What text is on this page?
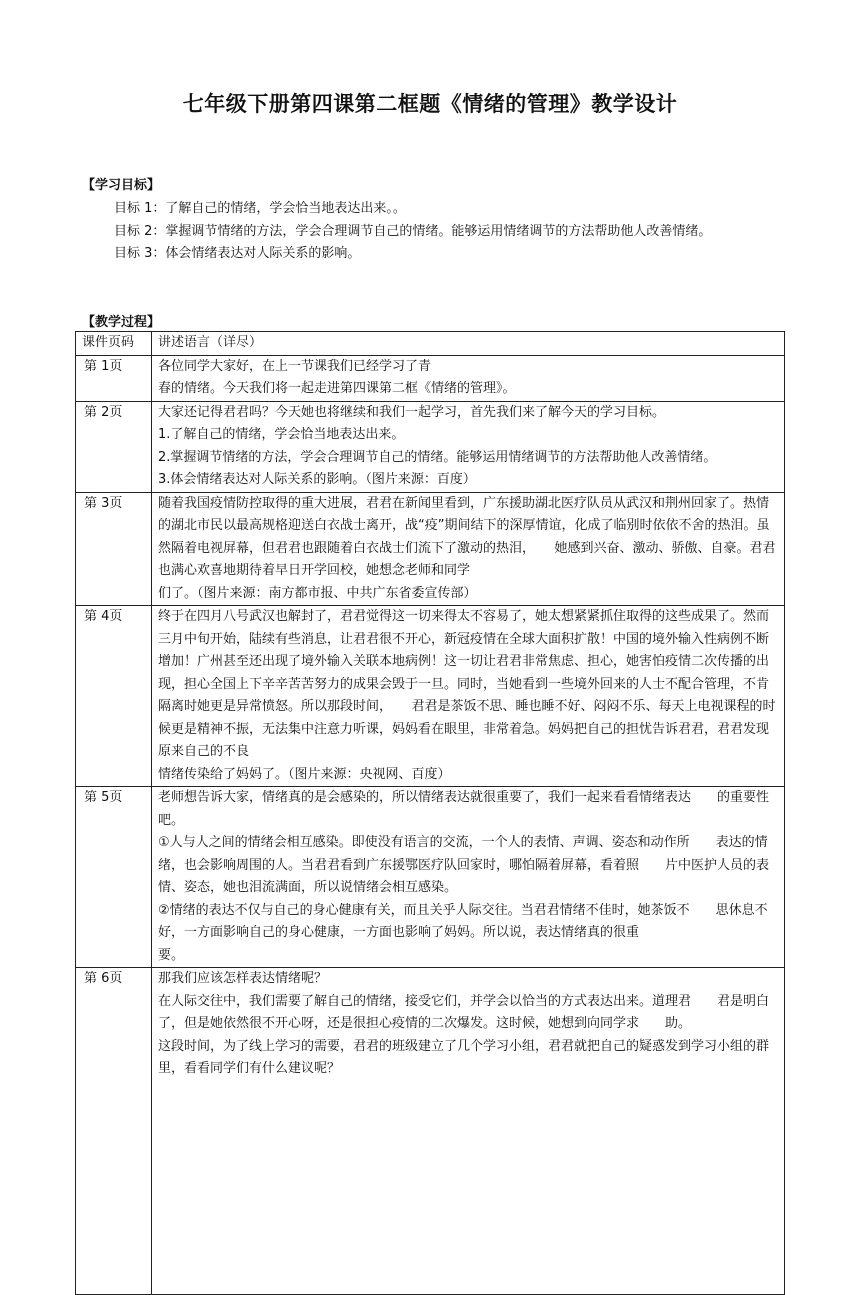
七年级下册第四课第二框题《情绪的管理》教学设计
【学习目标】

目标 1：了解自己的情绪，学会恰当地表达出来。。

目标 2：掌握调节情绪的方法，学会合理调节自己的情绪。能够运用情绪调节的方法帮助他人改善情绪。

目标 3：体会情绪表达对人际关系的影响。

【教学过程】
课件页码	讲述语言（详尽）
第 1页	各位同学大家好，在上一节课我们已经学习了青

春的情绪。今天我们将一起走进第四课第二框《情绪的管理》。

第 2页	大家还记得君君吗？今天她也将继续和我们一起学习，首先我们来了解今天的学习目标。

1.了解自己的情绪，学会恰当地表达出来。

2.掌握调节情绪的方法，学会合理调节自己的情绪。能够运用情绪调节的方法帮助他人改善情绪。

3.体会情绪表达对人际关系的影响。（图片来源：百度）

第 3页	随着我国疫情防控取得的重大进展，君君在新闻里看到，广东援助湖北医疗队员从武汉和荆州回家了。热情的湖北市民以最高规格迎送白衣战士离开，战“疫”期间结下的深厚情谊，化成了临别时依依不舍的热泪。虽然隔着电视屏幕，但君君也跟随着白衣战士们流下了激动的热泪，　　她感到兴奋、激动、骄傲、自豪。君君也满心欢喜地期待着早日开学回校，她想念老师和同学

们了。（图片来源：南方都市报、中共广东省委宣传部）

第 4页	终于在四月八号武汉也解封了，君君觉得这一切来得太不容易了，她太想紧紧抓住取得的这些成果了。然而三月中旬开始，陆续有些消息，让君君很不开心，新冠疫情在全球大面积扩散！中国的境外输入性病例不断增加！广州甚至还出现了境外输入关联本地病例！这一切让君君非常焦虑、担心，她害怕疫情二次传播的出现，担心全国上下辛辛苦苦努力的成果会毁于一旦。同时，当她看到一些境外回来的人士不配合管理，不肯隔离时她更是异常愤怒。所以那段时间，　　君君是茶饭不思、睡也睡不好、闷闷不乐、每天上电视课程的时候更是精神不振，无法集中注意力听课，妈妈看在眼里，非常着急。妈妈把自己的担忧告诉君君，君君发现原来自己的不良

情绪传染给了妈妈了。（图片来源：央视网、百度）

第 5页	老师想告诉大家，情绪真的是会感染的，所以情绪表达就很重要了，我们一起来看看情绪表达　　的重要性吧。

①人与人之间的情绪会相互感染。即使没有语言的交流，一个人的表情、声调、姿态和动作所　　表达的情绪，也会影响周围的人。当君君看到广东援鄂医疗队回家时，哪怕隔着屏幕，看着照　　片中医护人员的表情、姿态，她也泪流满面，所以说情绪会相互感染。

②情绪的表达不仅与自己的身心健康有关，而且关乎人际交往。当君君情绪不佳时，她茶饭不　　思休息不好，一方面影响自己的身心健康，一方面也影响了妈妈。所以说，表达情绪真的很重

要。

第 6页	那我们应该怎样表达情绪呢？

在人际交往中，我们需要了解自己的情绪，接受它们，并学会以恰当的方式表达出来。道理君　　君是明白了，但是她依然很不开心呀，还是很担心疫情的二次爆发。这时候，她想到向同学求　　助。

这段时间，为了线上学习的需要，君君的班级建立了几个学习小组，君君就把自己的疑惑发到学习小组的群里，看看同学们有什么建议呢？
